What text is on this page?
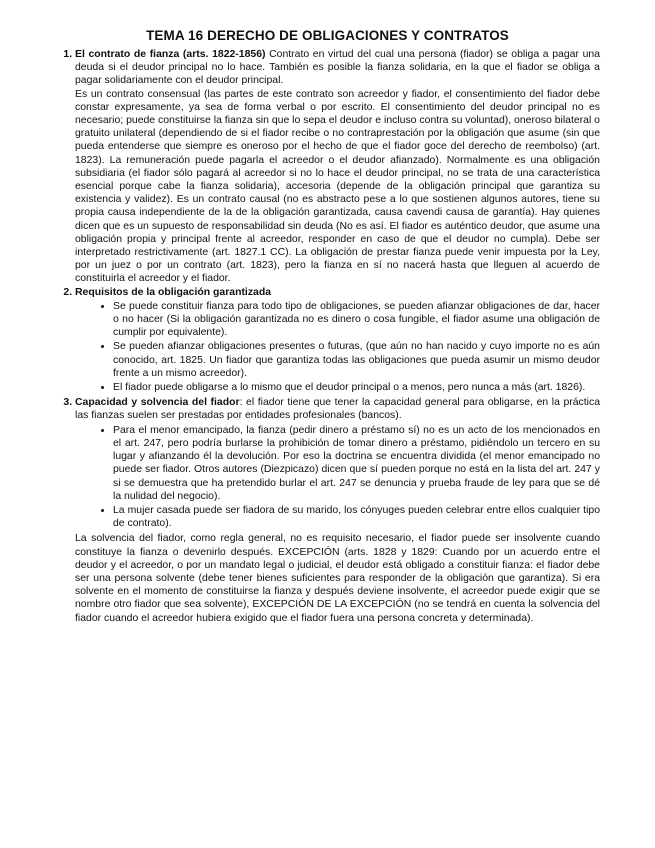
TEMA 16 DERECHO DE OBLIGACIONES Y CONTRATOS
1. El contrato de fianza (arts. 1822-1856) Contrato en virtud del cual una persona (fiador) se obliga a pagar una deuda si el deudor principal no lo hace. También es posible la fianza solidaria, en la que el fiador se obliga a pagar solidariamente con el deudor principal.

Es un contrato consensual (las partes de este contrato son acreedor y fiador, el consentimiento del fiador debe constar expresamente, ya sea de forma verbal o por escrito. El consentimiento del deudor principal no es necesario; puede constituirse la fianza sin que lo sepa el deudor e incluso contra su voluntad), oneroso bilateral o gratuito unilateral (dependiendo de si el fiador recibe o no contraprestación por la obligación que asume (sin que pueda entenderse que siempre es oneroso por el hecho de que el fiador goce del derecho de reembolso) (art. 1823). La remuneración puede pagarla el acreedor o el deudor afianzado). Normalmente es una obligación subsidiaria (el fiador sólo pagará al acreedor si no lo hace el deudor principal, no se trata de una característica esencial porque cabe la fianza solidaria), accesoria (depende de la obligación principal que garantiza su existencia y validez). Es un contrato causal (no es abstracto pese a lo que sostienen algunos autores, tiene su propia causa independiente de la de la obligación garantizada, causa cavendi causa de garantía). Hay quienes dicen que es un supuesto de responsabilidad sin deuda (No es así. El fiador es auténtico deudor, que asume una obligación propia y principal frente al acreedor, responder en caso de que el deudor no cumpla). Debe ser interpretado restrictivamente (art. 1827.1 CC). La obligación de prestar fianza puede venir impuesta por la Ley, por un juez o por un contrato (art. 1823), pero la fianza en sí no nacerá hasta que lleguen al acuerdo de constituirla el acreedor y el fiador.

2. Requisitos de la obligación garantizada
• Se puede constituir fianza para todo tipo de obligaciones, se pueden afianzar obligaciones de dar, hacer o no hacer (Si la obligación garantizada no es dinero o cosa fungible, el fiador asume una obligación de cumplir por equivalente).
• Se pueden afianzar obligaciones presentes o futuras, (que aún no han nacido y cuyo importe no es aún conocido, art. 1825. Un fiador que garantiza todas las obligaciones que pueda asumir un mismo deudor frente a un mismo acreedor).
• El fiador puede obligarse a lo mismo que el deudor principal o a menos, pero nunca a más (art. 1826).
3. Capacidad y solvencia del fiador: el fiador tiene que tener la capacidad general para obligarse, en la práctica las fianzas suelen ser prestadas por entidades profesionales (bancos).
• Para el menor emancipado, la fianza (pedir dinero a préstamo sí) no es un acto de los mencionados en el art. 247, pero podría burlarse la prohibición de tomar dinero a préstamo, pidiéndolo un tercero en su lugar y afianzando él la devolución. Por eso la doctrina se encuentra dividida (el menor emancipado no puede ser fiador. Otros autores (Diezpicazo) dicen que sí pueden porque no está en la lista del art. 247 y si se demuestra que ha pretendido burlar el art. 247 se denuncia y prueba fraude de ley para que se dé la nulidad del negocio).
• La mujer casada puede ser fiadora de su marido, los cónyuges pueden celebrar entre ellos cualquier tipo de contrato).

La solvencia del fiador, como regla general, no es requisito necesario, el fiador puede ser insolvente cuando constituye la fianza o devenirlo después. EXCEPCIÓN (arts. 1828 y 1829: Cuando por un acuerdo entre el deudor y el acreedor, o por un mandato legal o judicial, el deudor está obligado a constituir fianza: el fiador debe ser una persona solvente (debe tener bienes suficientes para responder de la obligación que garantiza). Si era solvente en el momento de constituirse la fianza y después deviene insolvente, el acreedor puede exigir que se nombre otro fiador que sea solvente), EXCEPCIÓN DE LA EXCEPCIÓN (no se tendrá en cuenta la solvencia del fiador cuando el acreedor hubiera exigido que el fiador fuera una persona concreta y determinada).
